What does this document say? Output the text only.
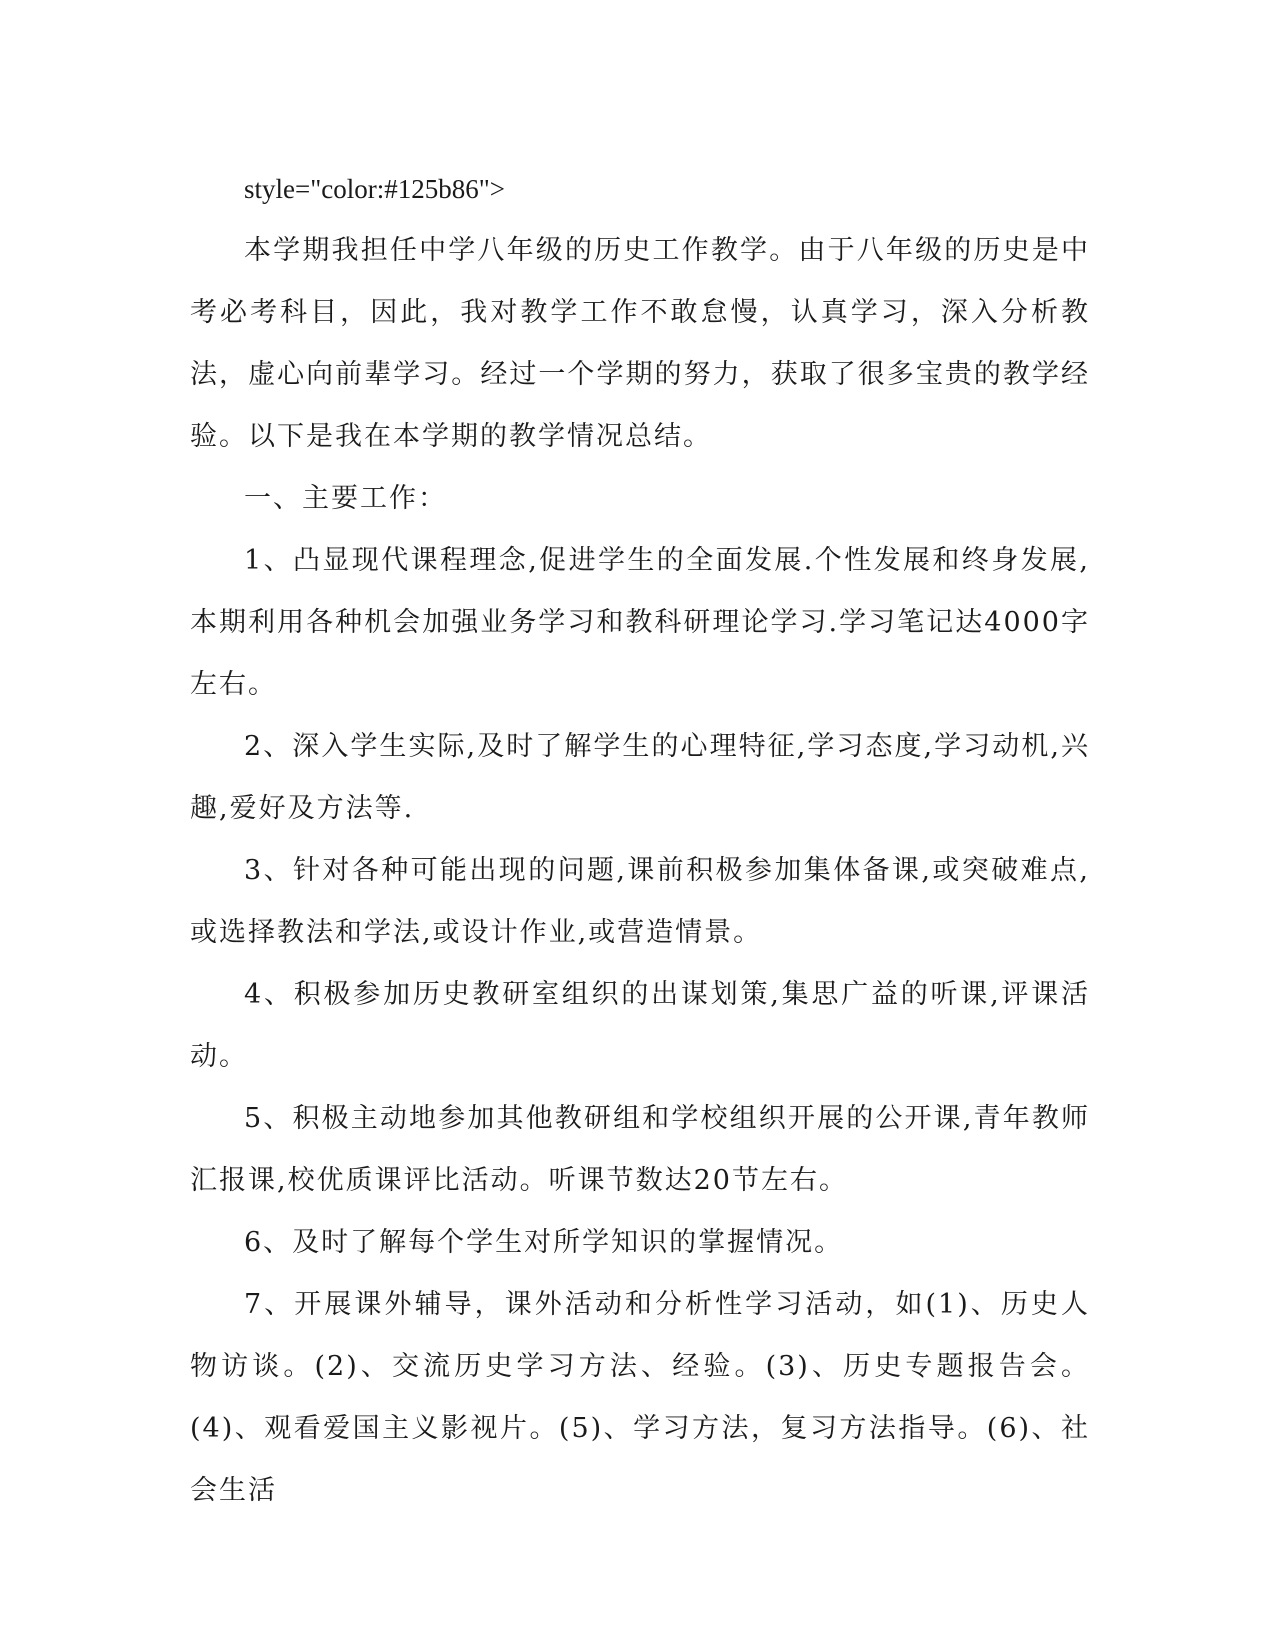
style="color:#125b86">

本学期我担任中学八年级的历史工作教学。由于八年级的历史是中考必考科目，因此，我对教学工作不敢怠慢，认真学习，深入分析教法，虚心向前辈学习。经过一个学期的努力，获取了很多宝贵的教学经验。以下是我在本学期的教学情况总结。

一、主要工作：

1、凸显现代课程理念,促进学生的全面发展.个性发展和终身发展,本期利用各种机会加强业务学习和教科研理论学习.学习笔记达4000字左右。

2、深入学生实际,及时了解学生的心理特征,学习态度,学习动机,兴趣,爱好及方法等.

3、针对各种可能出现的问题,课前积极参加集体备课,或突破难点,或选择教法和学法,或设计作业,或营造情景。

4、积极参加历史教研室组织的出谋划策,集思广益的听课,评课活动。

5、积极主动地参加其他教研组和学校组织开展的公开课,青年教师汇报课,校优质课评比活动。听课节数达20节左右。

6、及时了解每个学生对所学知识的掌握情况。

7、开展课外辅导，课外活动和分析性学习活动，如(1)、历史人物访谈。(2)、交流历史学习方法、经验。(3)、历史专题报告会。(4)、观看爱国主义影视片。(5)、学习方法，复习方法指导。(6)、社会生活
